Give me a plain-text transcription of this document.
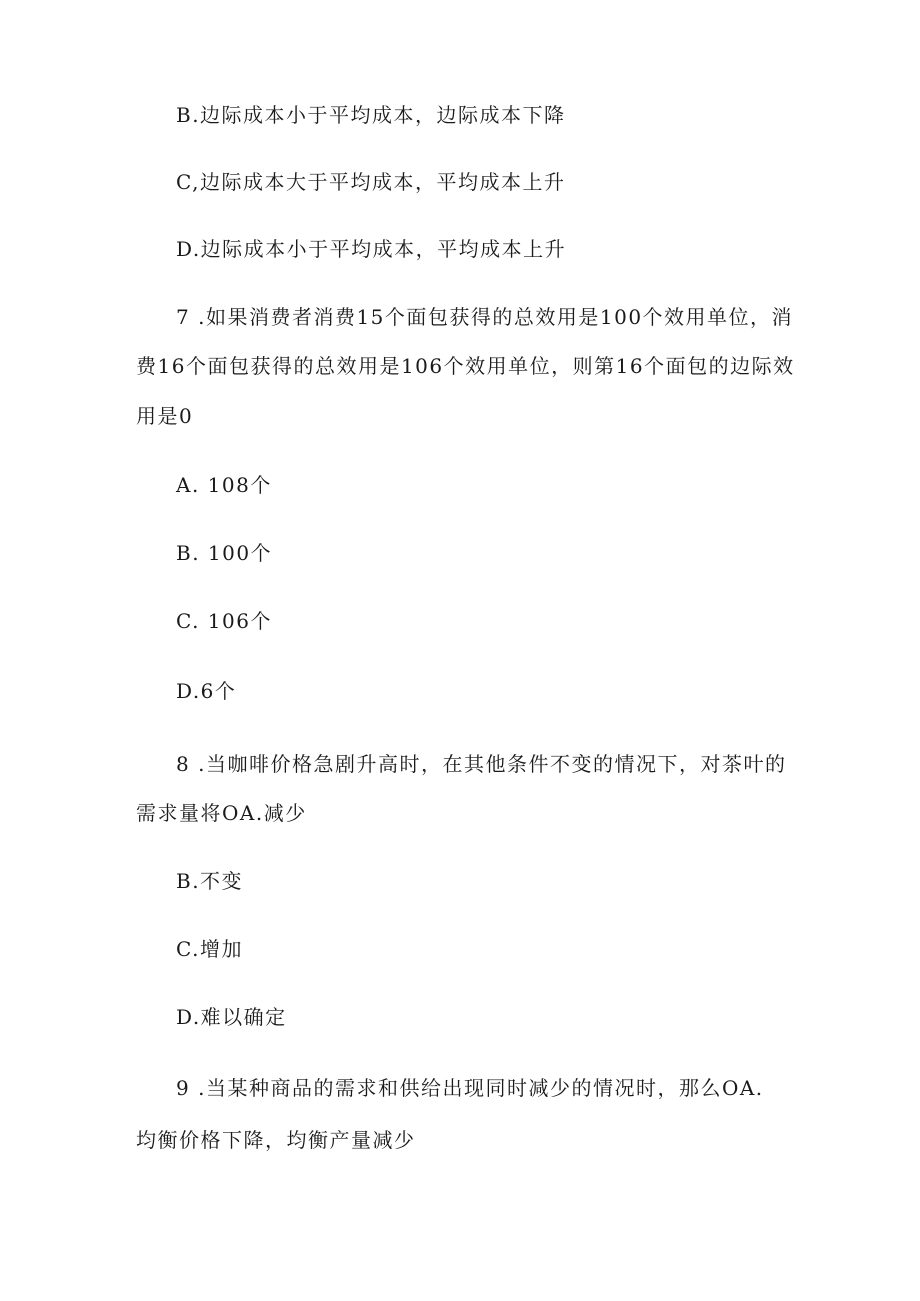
B.边际成本小于平均成本，边际成本下降
C,边际成本大于平均成本，平均成本上升
D.边际成本小于平均成本，平均成本上升
7 .如果消费者消费15个面包获得的总效用是100个效用单位，消
费16个面包获得的总效用是106个效用单位，则第16个面包的边际效
用是0
A. 108个
B. 100个
C. 106个
D.6个
8 .当咖啡价格急剧升高时，在其他条件不变的情况下，对茶叶的
需求量将OA.减少
B.不变
C.增加
D.难以确定
9 .当某种商品的需求和供给出现同时减少的情况时，那么OA.
均衡价格下降，均衡产量减少
